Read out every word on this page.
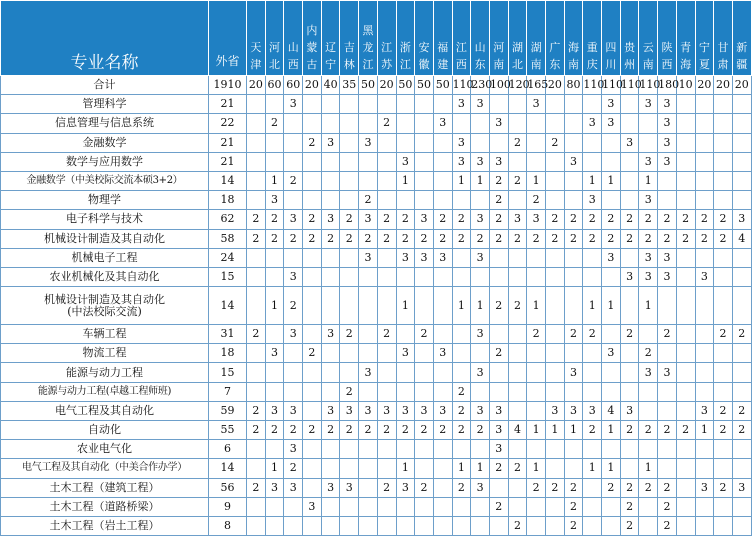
专业名称	外省	天津	河北	山西	内蒙古	辽宁	吉林	黑龙江	江苏	浙江	安徽	福建	江西	山东	河南	湖北	湖南	广东	海南	重庆	四川	贵州	云南	陕西	青海	宁夏	甘肃	新疆
合计	1910	20	60	60	20	40	35	50	20	50	50	50	110	230	100	120	165	20	80	110	110	110	110	180	10	20	20	20
管理科学	21			3									3	3			3				3		3	3				
信息管理与信息系统	22		2						2			3			3					3	3			3				
金融数学	21				2	3		3					3			2		2				3		3				
数学与应用数学	21									3			3	3	3				3				3	3				
金融数学（中美校际交流本硕3+2）	14		1	2						1			1	1	2	2	1			1	1		1					
物理学	18		3					2							2		2			3			3					
电子科学与技术	62	2	2	3	2	3	2	3	2	2	3	2	2	3	2	3	3	2	2	2	2	2	2	2	2	2	2	3
机械设计制造及其自动化	58	2	2	2	2	2	2	2	2	2	2	2	2	2	2	2	2	2	2	2	2	2	2	2	2	2	2	4
机械电子工程	24							3		3	3	3		3							3		3	3				
农业机械化及其自动化	15			3																		3	3	3		3		
机械设计制造及其自动化
(中法校际交流)	14		1	2						1			1	1	2	2	1			1	1		1					
车辆工程	31	2		3		3	2		2		2			3			2		2	2		2		2			2	2
物流工程	18		3		2					3		3			2						3		2					
能源与动力工程	15							3						3					3				3	3				
能源与动力工程(卓越工程师班)	7						2						2															
电气工程及其自动化	59	2	3	3		3	3	3	3	3	3	3	2	3	3			3	3	3	4	3				3	2	2
自动化	55	2	2	2	2	2	2	2	2	2	2	2	2	2	3	4	1	1	1	2	1	2	2	2	2	1	2	2
农业电气化	6			3											3													
电气工程及其自动化（中美合作办学）	14		1	2						1			1	1	2	2	1			1	1		1					
土木工程（建筑工程）	56	2	3	3		3	3		2	3	2		2	3			2	2	2		2	2	2	2		3	2	3
土木工程（道路桥梁）	9				3										2				2			2		2				
土木工程（岩土工程）	8															2			2			2		2				
